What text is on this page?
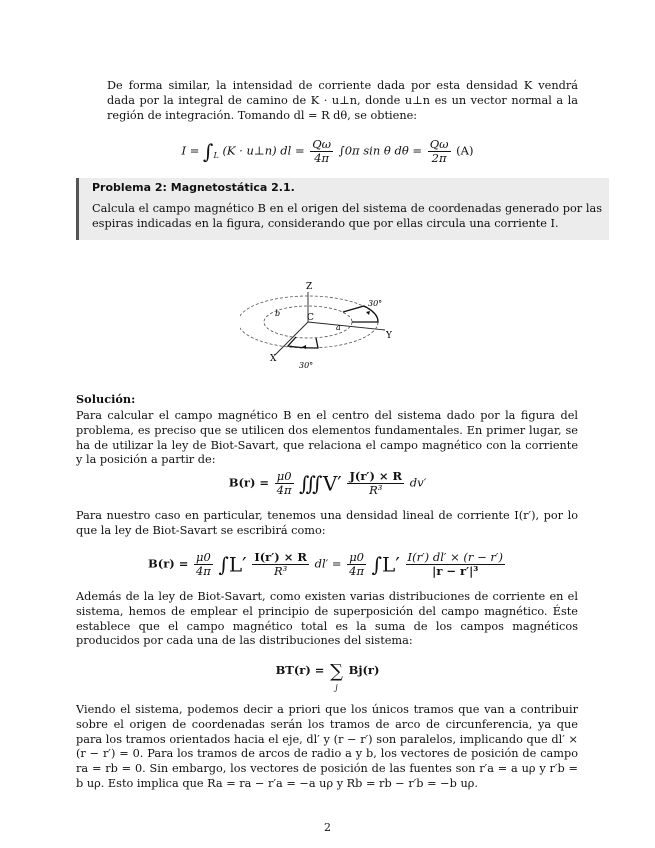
De forma similar, la intensidad de corriente dada por esta densidad K vendrá dada por la integral de camino de K · u⊥n, donde u⊥n es un vector normal a la región de integración. Tomando dl = R dθ, se obtiene:
$I = \int_L$ (K · u⊥n) dl = $\frac{Q\omega}{4\pi} \int 0\pi$ sin θ $d\theta = \frac{Q\omega}{2\pi} (A)$
Problema 2: Magnetostática 2.1.
Calcula el campo magnético B en el origen del sistema de coordenadas generado por las espiras indicadas en la figura, considerando que por ellas circula una corriente I.
Z
Y
X
C
a
b
30°
30°
Solución:
Para calcular el campo magnético B en el centro del sistema dado por la figura del problema, es preciso que se utilicen dos elementos fundamentales. En primer lugar, se ha de utilizar la ley de Biot-Savart, que relaciona el campo magnético con la corriente y la posición a partir de:
$B(r) = \frac{\mu 0}{4\pi}$ ∭V′ $\frac{J(r') \times R}{\text{R³}} dv'$
Para nuestro caso en particular, tenemos una densidad lineal de corriente I(r′), por lo que la ley de Biot-Savart se escribirá como:
$B(r) = \frac{\mu 0}{4\pi} \int L' \frac{I(r') \times R}{\text{R³}} dl' = \frac{\mu 0}{4\pi} \int L' \frac{I(r') dl' \times (r - r')}{\text{|r − r′|³}}$
Además de la ley de Biot-Savart, como existen varias distribuciones de corriente en el sistema, hemos de emplear el principio de superposición del campo magnético. Éste establece que el campo magnético total es la suma de los campos magnéticos producidos por cada una de las distribuciones del sistema:
BT(r) = ∑
j
Bj(r)
Viendo el sistema, podemos decir a priori que los únicos tramos que van a contribuir sobre el origen de coordenadas serán los tramos de arco de circunferencia, ya que para los tramos orientados hacia el eje, dl′ y (r − r′) son paralelos, implicando que dl′ × (r − r′) = 0. Para los tramos de arcos de radio a y b, los vectores de posición de campo ra = rb = 0. Sin embargo, los vectores de posición de las fuentes son r′a = a uρ y r′b = b uρ. Esto implica que Ra = ra − r′a = −a uρ y Rb = rb − r′b = −b uρ.
2
